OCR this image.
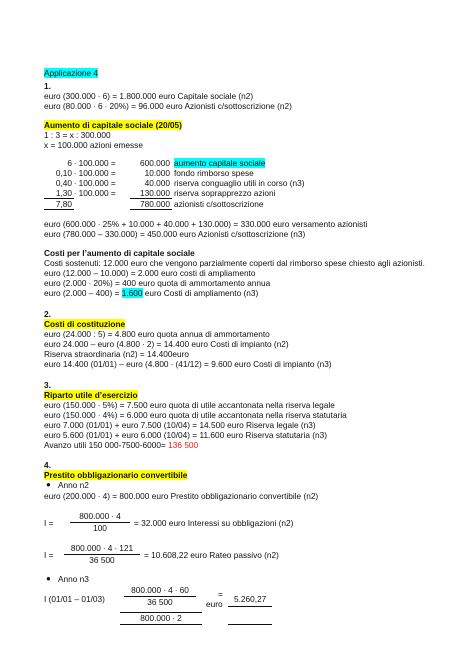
Applicazione 4
1.
euro (300.000 ∙ 6) = 1.800.000 euro Capitale sociale (n2)
euro (80.000 ∙ 6 ∙ 20%) = 96.000 euro Azionisti c/sottoscrizione (n2)
Aumento di capitale sociale (20/05)
1 : 3 = x : 300.000
x = 100.000 azioni emesse
6 ∙ 100.000 =	600.000 aumento capitale sociale
0,10 ∙ 100.000 =	10.000 fondo rimborso spese
0,40 ∙ 100.000 =	40.000 riserva conguaglio utili in corso (n3)
1,30 ∙ 100.000 =	130.000 riserva soprapprezzo azioni
7,80	780.000 azionisti c/sottoscrizione
euro (600.000 ∙ 25% + 10.000 + 40.000 + 130.000) = 330.000 euro versamento azionisti
euro (780.000 – 330.000) = 450.000 euro Azionisti c/sottoscrizione (n3)
Costi per l’aumento di capitale sociale
Costi sostenuti: 12.000 euro che vengono parzialmente coperti dal rimborso spese chiesto agli azionisti.
euro (12.000 – 10.000) = 2.000 euro costi di ampliamento
euro (2.000 ∙ 20%) = 400 euro quota di ammortamento annua
euro (2.000 – 400) = 1.600 euro Costi di ampliamento (n3)
2.
Costi di costituzione
euro (24.000 : 5) = 4.800 euro quota annua di ammortamento
euro 24.000 – euro (4.800 ∙ 2) = 14.400 euro Costi di impianto (n2)
Riserva straordinaria (n2) = 14.400euro
euro 14.400 (01/01) – euro (4.800 ∙ (41/12) = 9.600 euro Costi di impianto (n3)
3.
Riparto utile d’esercizio
euro (150.000 ∙ 5%) = 7.500 euro quota di utile accantonata nella riserva legale
euro (150.000 ∙ 4%) = 6.000 euro quota di utile accantonata nella riserva statutaria
euro 7.000 (01/01) + euro 7.500 (10/04) = 14.500 euro Riserva legale (n3)
euro 5.600 (01/01) + euro 6.000 (10/04) = 11.600 euro Riserva statutaria (n3)
Avanzo utili 150 000-7500-6000= 136 500
4.
Prestito obbligazionario convertibile
● Anno n2
euro (200.000 ∙ 4) = 800.000 euro Prestito obbligazionario convertibile (n2)
I =
800.000 ∙ 4
100	= 32.000 euro Interessi su obbligazioni (n2)
I =
800.000 ∙ 4 ∙ 121
36 500	= 10.608,22 euro Rateo passivo (n2)
● Anno n3
I (01/01 – 01/03)
800.000 ∙ 4 ∙ 60
36 500
=
euro 5.260,27
800.000 ∙ 2
